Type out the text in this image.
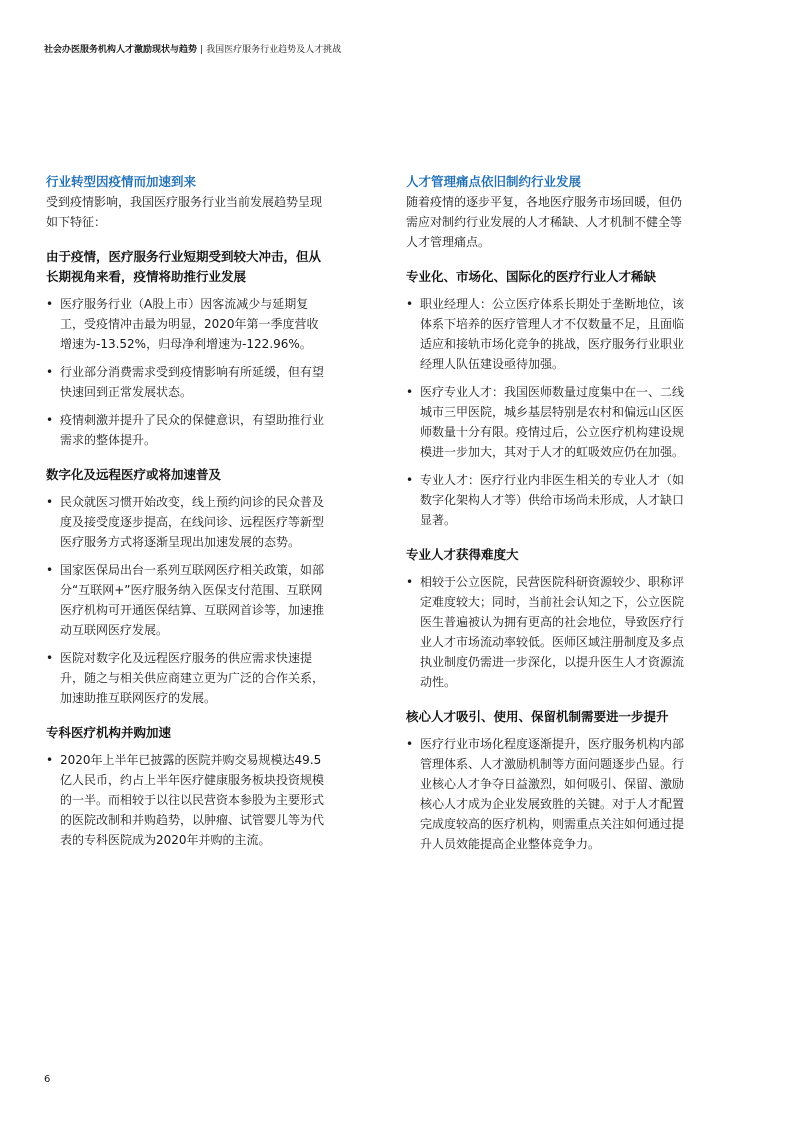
社会办医服务机构人才激励现状与趋势 | 我国医疗服务行业趋势及人才挑战
行业转型因疫情而加速到来

受到疫情影响，我国医疗服务行业当前发展趋势呈现如下特征：

由于疫情，医疗服务行业短期受到较大冲击，但从长期视角来看，疫情将助推行业发展
• 医疗服务行业（A股上市）因客流减少与延期复工，受疫情冲击最为明显，2020年第一季度营收增速为-13.52%，归母净利增速为-122.96%。
• 行业部分消费需求受到疫情影响有所延缓，但有望快速回到正常发展状态。
• 疫情刺激并提升了民众的保健意识，有望助推行业需求的整体提升。
数字化及远程医疗或将加速普及
• 民众就医习惯开始改变，线上预约问诊的民众普及度及接受度逐步提高，在线问诊、远程医疗等新型医疗服务方式将逐渐呈现出加速发展的态势。
• 国家医保局出台一系列互联网医疗相关政策，如部分“互联网+”医疗服务纳入医保支付范围、互联网医疗机构可开通医保结算、互联网首诊等，加速推动互联网医疗发展。
• 医院对数字化及远程医疗服务的供应需求快速提升，随之与相关供应商建立更为广泛的合作关系，加速助推互联网医疗的发展。
专科医疗机构并购加速
• 2020年上半年已披露的医院并购交易规模达49.5亿人民币，约占上半年医疗健康服务板块投资规模的一半。而相较于以往以民营资本参股为主要形式的医院改制和并购趋势，以肿瘤、试管婴儿等为代表的专科医院成为2020年并购的主流。
人才管理痛点依旧制约行业发展

随着疫情的逐步平复，各地医疗服务市场回暖，但仍需应对制约行业发展的人才稀缺、人才机制不健全等人才管理痛点。

专业化、市场化、国际化的医疗行业人才稀缺
• 职业经理人：公立医疗体系长期处于垄断地位，该体系下培养的医疗管理人才不仅数量不足，且面临适应和接轨市场化竞争的挑战，医疗服务行业职业经理人队伍建设亟待加强。
• 医疗专业人才：我国医师数量过度集中在一、二线城市三甲医院，城乡基层特别是农村和偏远山区医师数量十分有限。疫情过后，公立医疗机构建设规模进一步加大，其对于人才的虹吸效应仍在加强。
• 专业人才：医疗行业内非医生相关的专业人才（如数字化架构人才等）供给市场尚未形成，人才缺口显著。
专业人才获得难度大
• 相较于公立医院，民营医院科研资源较少、职称评定难度较大；同时，当前社会认知之下，公立医院医生普遍被认为拥有更高的社会地位，导致医疗行业人才市场流动率较低。医师区域注册制度及多点执业制度仍需进一步深化，以提升医生人才资源流动性。
核心人才吸引、使用、保留机制需要进一步提升
• 医疗行业市场化程度逐渐提升，医疗服务机构内部管理体系、人才激励机制等方面问题逐步凸显。行业核心人才争夺日益激烈，如何吸引、保留、激励核心人才成为企业发展致胜的关键。对于人才配置完成度较高的医疗机构，则需重点关注如何通过提升人员效能提高企业整体竞争力。
6
